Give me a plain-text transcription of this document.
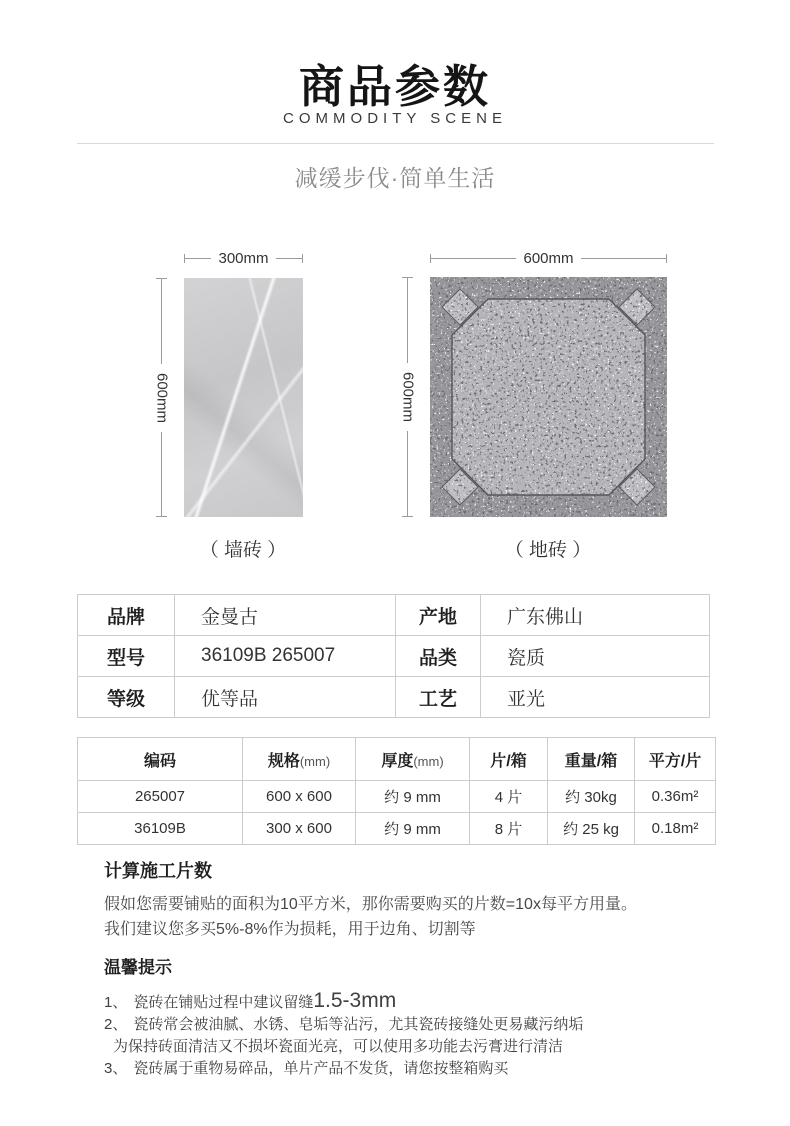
商品参数
COMMODITY SCENE
减缓步伐·简单生活
300mm
600mm
600mm
600mm
（ 墙砖 ）	（ 地砖 ）
品牌	金曼古	产地	广东佛山
型号	36109B 265007	品类	瓷质
等级	优等品	工艺	亚光
编码	规格(mm)	厚度(mm)	片/箱	重量/箱	平方/片
265007	600 x 600	约 9 mm	4 片	约 30kg	0.36m²
36109B	300 x 600	约 9 mm	8 片	约 25 kg	0.18m²
计算施工片数

假如您需要铺贴的面积为10平方米，那你需要购买的片数=10x每平方用量。

我们建议您多买5%-8%作为损耗，用于边角、切割等

温馨提示
1、 瓷砖在铺贴过程中建议留缝1.5-3mm
2、 瓷砖常会被油腻、水锈、皂垢等沾污，尤其瓷砖接缝处更易藏污纳垢
为保持砖面清洁又不损坏瓷面光亮，可以使用多功能去污膏进行清洁
3、 瓷砖属于重物易碎品，单片产品不发货，请您按整箱购买
